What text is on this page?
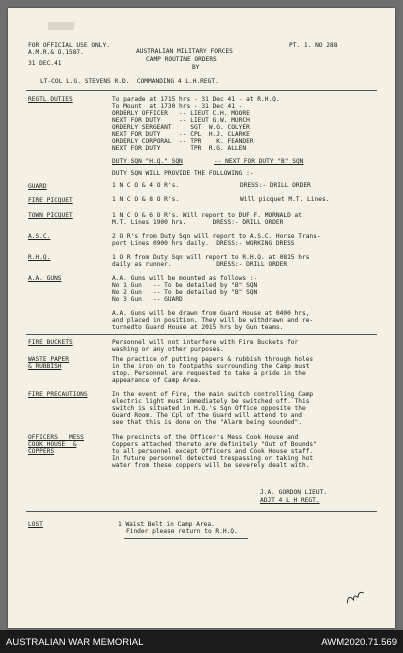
FOR OFFICIAL USE ONLY.
A.M.R.& O.1587.
31 DEC.41
AUSTRALIAN MILITARY FORCES
CAMP ROUTINE ORDERS
BY
PT. 1. NO 288
LT-COL L.G. STEVENS R.D.  COMMANDING 4 L.H.REGT.
REGTL DUTIES	To parade at 1715 hrs - 31 Dec 41 - at R.H.Q.
To Mount  at 1730 hrs - 31 Dec 41 -
ORDERLY OFFICER   -- LIEUT C.H. MOORE
NEXT FOR DUTY     -- LIEUT G.W. MURCH
ORDERLY SERGEANT     SGT  W.G. COLYER
NEXT FOR DUTY     -- CPL  H.J. CLARKE
ORDERLY CORPORAL  -- TPR    K. FEANDER
NEXT FOR DUTY        TPR  R.G. ALLEN
DUTY SQN "H.Q." SQN	-- NEXT FOR DUTY "B" SQN
DUTY SQN WILL PROVIDE THE FOLLOWING :-
GUARD	1 N C O & 4 O R's.	DRESS:- DRILL ORDER
FIRE PICQUET	1 N C O & 8 O R's.	Will picquet M.T. Lines.
TOWN PICQUET	1 N C O & 6 O R's. Will report to DUF F. MORNALD at
M.T. Lines 1900 hrs.       DRESS:- DRILL ORDER
A.S.C.	2 O R's from Duty Sqn will report to A.S.C. Horse Trans-
port Lines 0900 hrs daily.  DRESS:- WORKING DRESS
R.H.Q.	1 O R from Duty Sqn will report to R.H.Q. at 0815 hrs
daily as runner.            DRESS:- DRILL ORDER
A.A. GUNS	A.A. Guns will be mounted as follows :-
No 1 Gun   -- To be detailed by "B" SQN
No 2 Gun   -- To be detailed by "B" SQN
No 3 Gun   -- GUARD
A.A. Guns will be drawn from Guard House at 0400 hrs,
and placed in position. They will be withdrawn and re-
turnedto Guard House at 2015 hrs by Gun teams.
FIRE BUCKETS	Personnel will not interfere with Fire Buckets for
washing or any other purposes.
WASTE PAPER
& RUBBISH
The practice of putting papers & rubbish through holes
in the iron on to footpaths surrounding the Camp must
stop. Personnel are requested to take a pride in the
appearance of Camp Area.
FIRE PRECAUTIONS	In the event of Fire, the main switch controlling Camp
electric light must immediately be switched off. This
switch is situated in H.Q.'s Sqn Office opposite the
Guard Room. The Cpl of the Guard will attend to and
see that this is done on the "Alarm being sounded".
OFFICERS   MESS
COOK HOUSE  &
COPPERS
The precincts of the Officer's Mess Cook House and
Coppers attached thereto are definitely "Out of Bounds"
to all personnel except Officers and Cook House staff.
In future personnel detected trespassing or taking hot
water from these coppers will be severely dealt with.
J.A. GORDON LIEUT.
ADJT 4 L H REGT.
LOST	1 Waist Belt in Camp Area.
Finder please return to R.H.Q.
AUSTRALIAN WAR MEMORIAL	AWM2020.71.569
